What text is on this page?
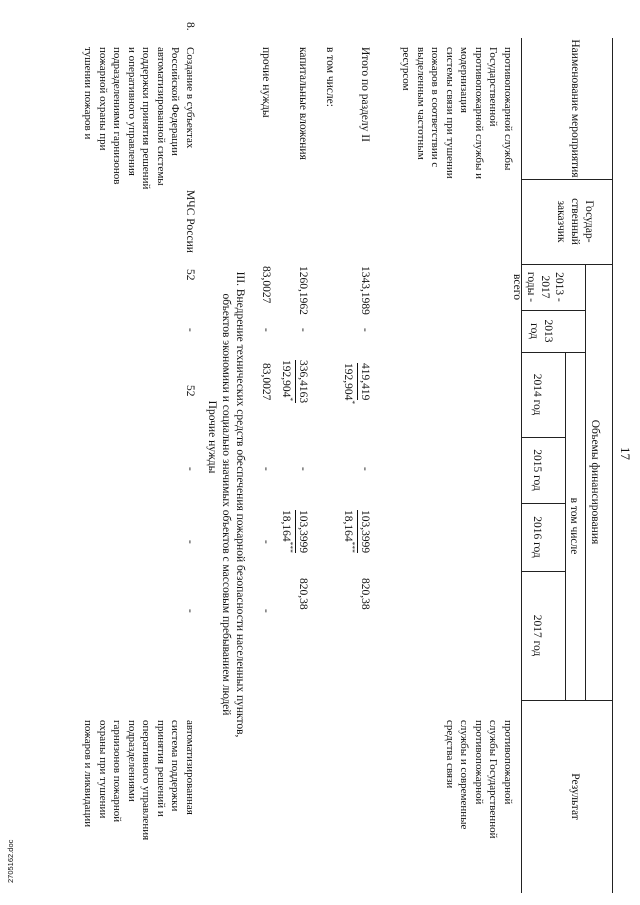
17
Наименование мероприятия
Государ-
ственный
заказчик
Объемы финансирования
2013 -
2017 годы -
всего
2013
год
в том числе
2014 год
2015 год
2016 год
2017 год
Результат
противопожарной службы
Государственной
противопожарной службы и
модернизация
системы связи при тушении
пожаров в соответствии с
выделенным частотным
ресурсом
противопожарной
службы Государственной
противопожарной
службы и современные
средства связи
Итого по разделу II
1343,1989
-
419,419
192,904*
-
103,3999
18,164***
820,38
в том числе:
капитальные вложения
1260,1962
-
336,4163
192,904*
-
103,3999
18,164***
820,38
прочие нужды
83,0027
-
83,0027
-
-
-
III. Внедрение технических средств обеспечения пожарной безопасности населенных пунктов,
объектов экономики и социально значимых объектов с массовым пребыванием людей
Прочие нужды
8.
Создание в субъектах
Российской Федерации
автоматизированной системы
поддержки принятия решений
и оперативного управления
подразделениями гарнизонов
пожарной охраны при
тушении пожаров и
МЧС России
52
-
52
-
-
-
автоматизированная
система поддержки
принятия решений и
оперативного управления
подразделениями
гарнизонов пожарной
охраны при тушении
пожаров и ликвидации
2705162.doc
